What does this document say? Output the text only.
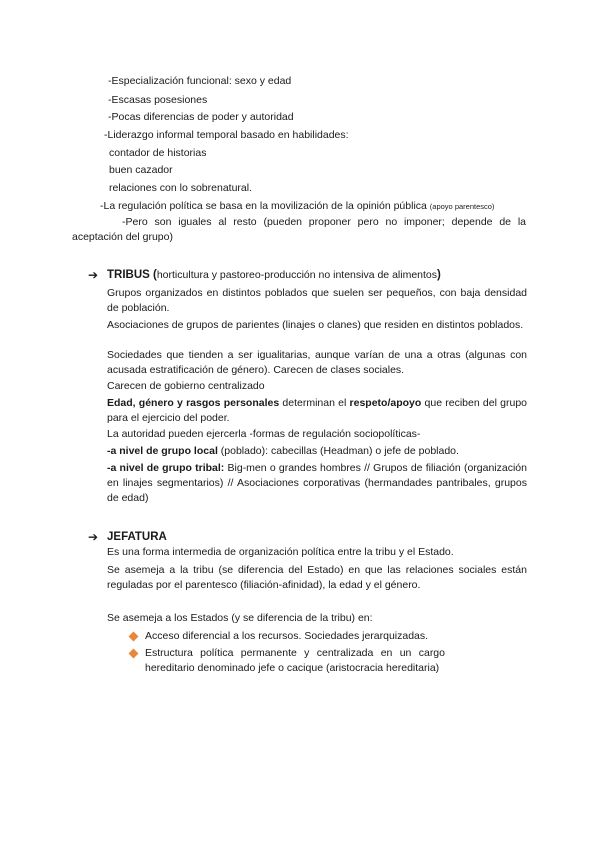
-Especialización funcional: sexo y edad
-Escasas posesiones
-Pocas diferencias de poder y autoridad
-Liderazgo informal temporal basado en habilidades:
contador de historias
buen cazador
relaciones con lo sobrenatural.
-La regulación política se basa en la movilización de la opinión pública (apoyo parentesco)
-Pero son iguales al resto (pueden proponer pero no imponer; depende de la aceptación del grupo)
➔ TRIBUS (horticultura y pastoreo-producción no intensiva de alimentos)
Grupos organizados en distintos poblados que suelen ser pequeños, con baja densidad de población.
Asociaciones de grupos de parientes (linajes o clanes) que residen en distintos poblados.
Sociedades que tienden a ser igualitarias, aunque varían de una a otras (algunas con acusada estratificación de género). Carecen de clases sociales.
Carecen de gobierno centralizado
Edad, género y rasgos personales determinan el respeto/apoyo que reciben del grupo para el ejercicio del poder.
La autoridad pueden ejercerla -formas de regulación sociopolíticas-
-a nivel de grupo local (poblado): cabecillas (Headman) o jefe de poblado.
-a nivel de grupo tribal: Big-men o grandes hombres // Grupos de filiación (organización en linajes segmentarios) // Asociaciones corporativas (hermandades pantribales, grupos de edad)
➔ JEFATURA
Es una forma intermedia de organización política entre la tribu y el Estado.
Se asemeja a la tribu (se diferencia del Estado) en que las relaciones sociales están reguladas por el parentesco (filiación-afinidad), la edad y el género.
Se asemeja a los Estados (y se diferencia de la tribu) en:
Acceso diferencial a los recursos. Sociedades jerarquizadas.
Estructura política permanente y centralizada en un cargo hereditario denominado jefe o cacique (aristocracia hereditaria)
